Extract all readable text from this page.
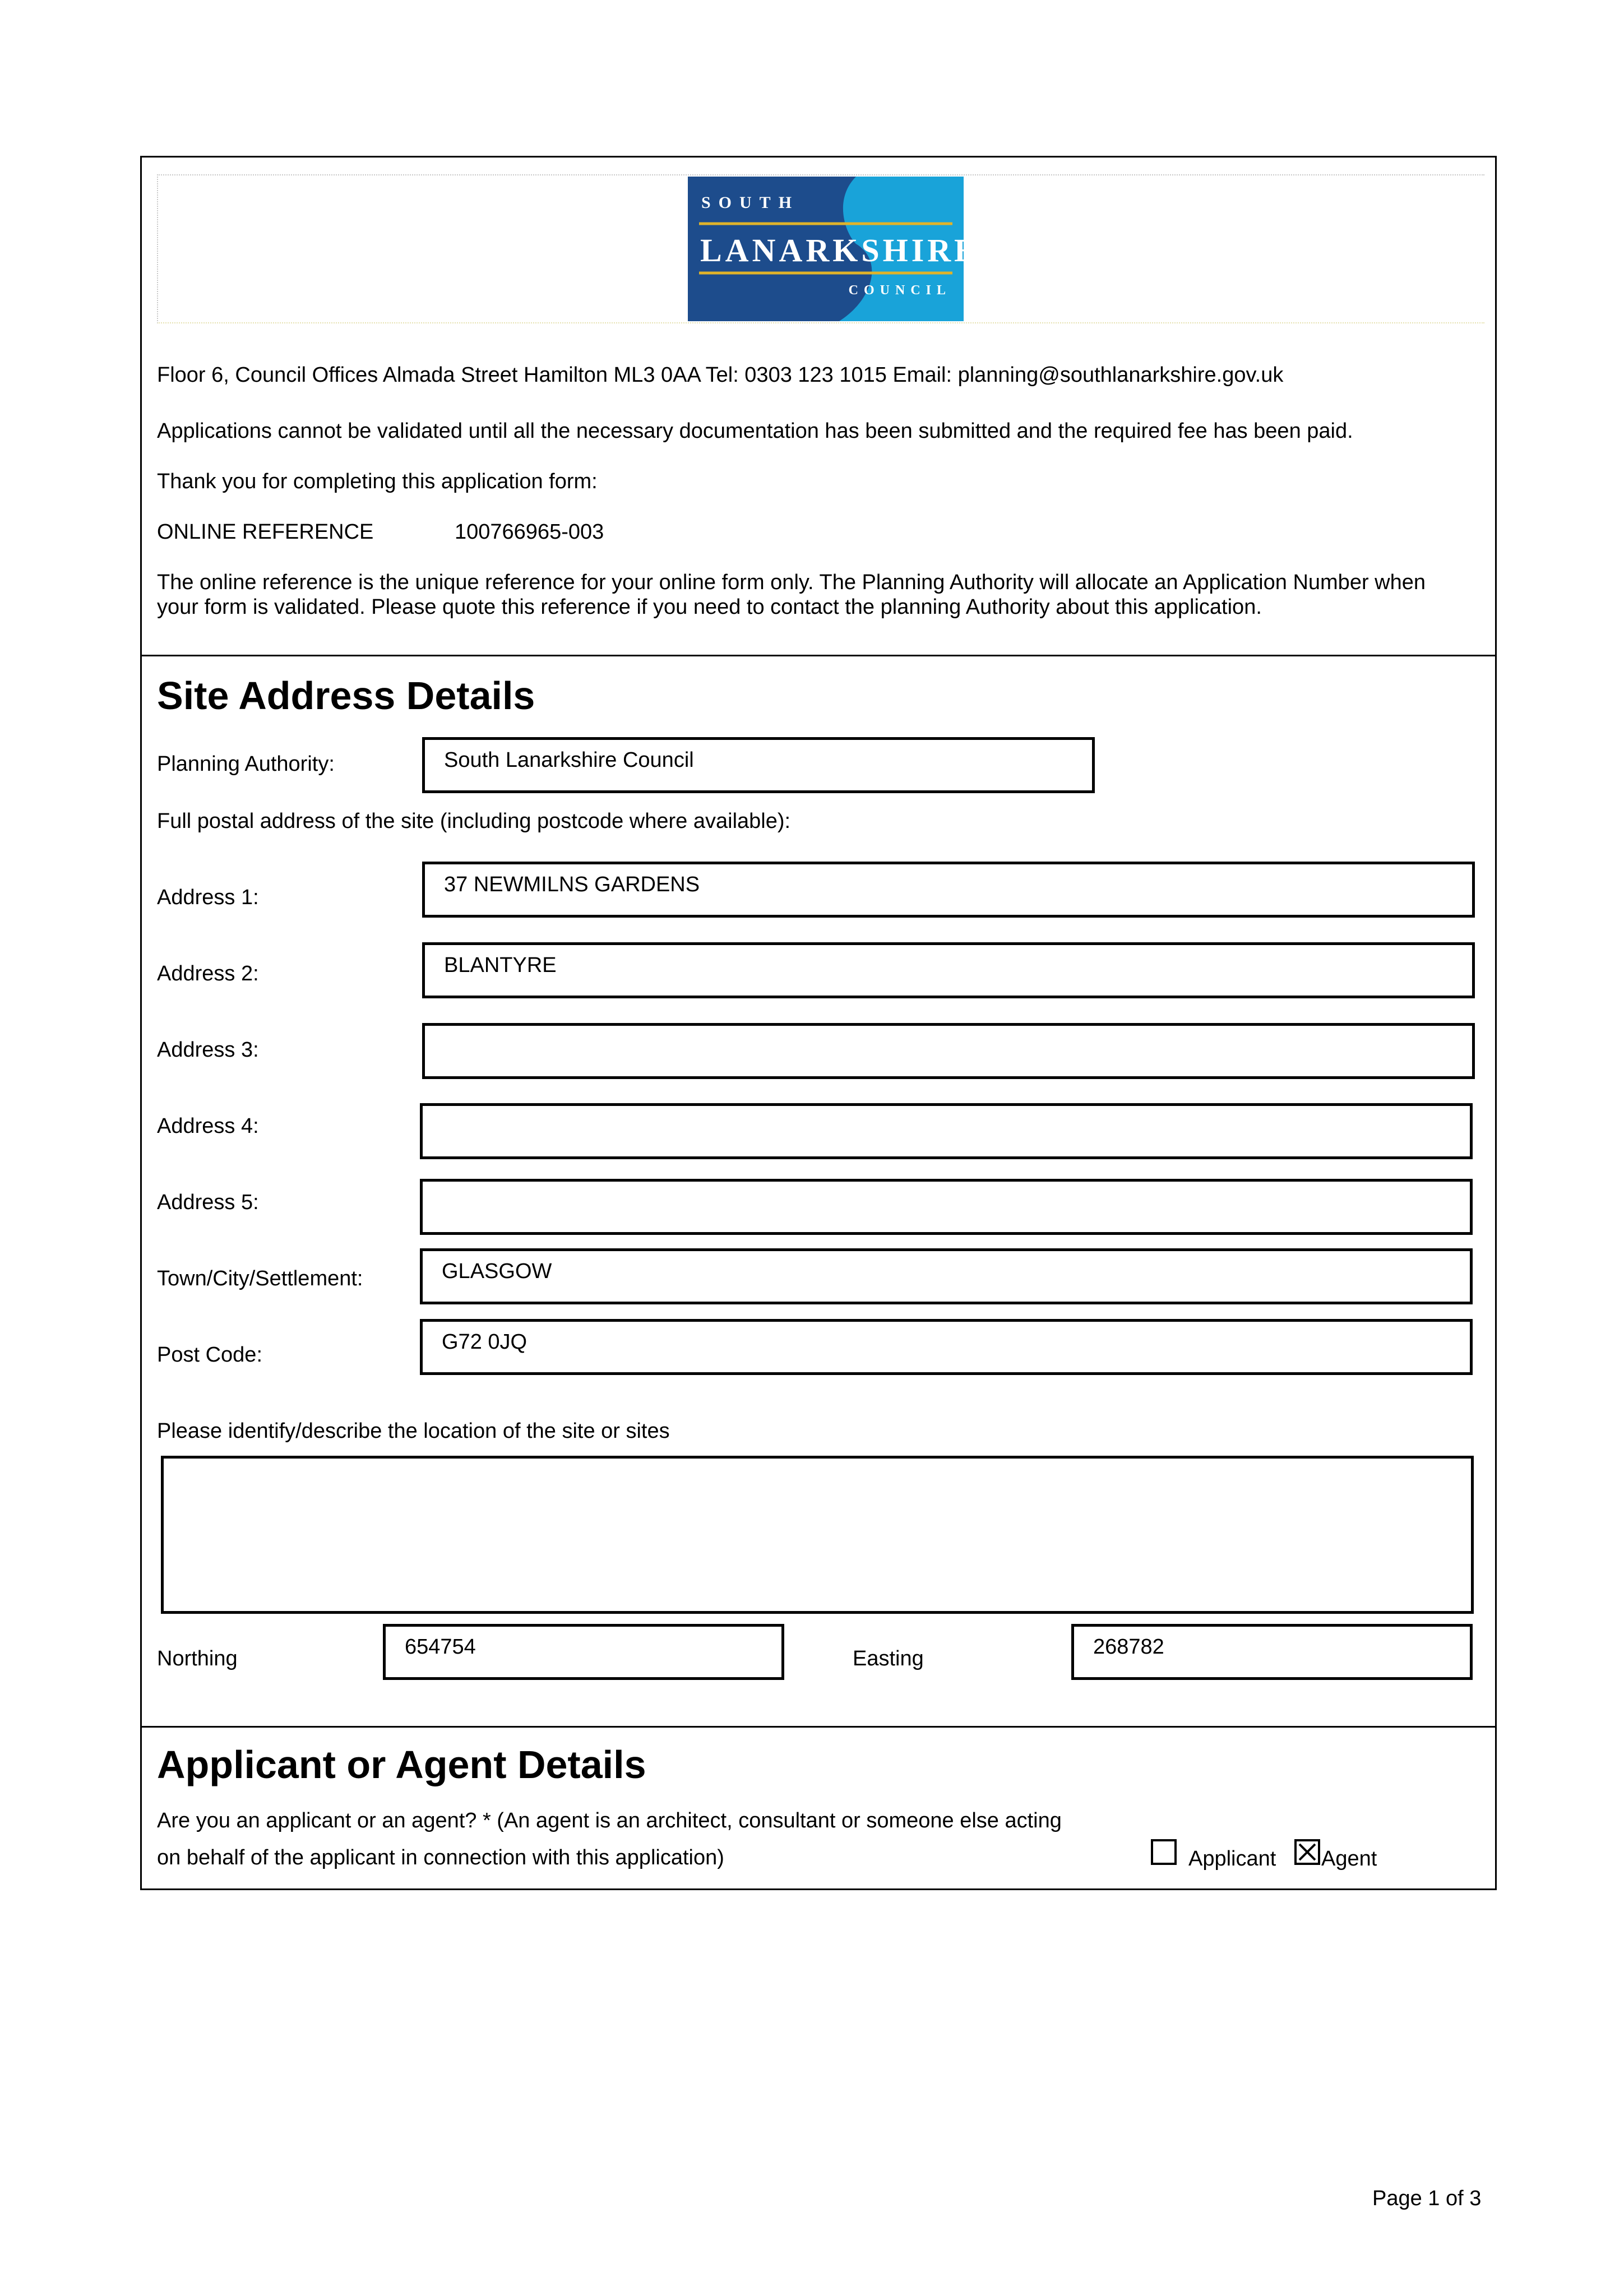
SOUTH
LANARKSHIRE
COUNCIL
Floor 6, Council Offices Almada Street Hamilton ML3 0AA Tel: 0303 123 1015 Email: planning@southlanarkshire.gov.uk
Applications cannot be validated until all the necessary documentation has been submitted and the required fee has been paid.
Thank you for completing this application form:
ONLINE REFERENCE	100766965-003
The online reference is the unique reference for your online form only. The Planning Authority will allocate an Application Number when
your form is validated. Please quote this reference if you need to contact the planning Authority about this application.
Site Address Details
Planning Authority:	South Lanarkshire Council
Full postal address of the site (including postcode where available):
Address 1:
37 NEWMILNS GARDENS
Address 2:	BLANTYRE
Address 3:
Address 4:
Address 5:
Town/City/Settlement:	GLASGOW
Post Code:
G72 0JQ
Please identify/describe the location of the site or sites
Northing	654754	Easting	268782
Applicant or Agent Details
Are you an applicant or an agent? * (An agent is an architect, consultant or someone else acting
on behalf of the applicant in connection with this application)	Applicant Agent
Page 1 of 3
